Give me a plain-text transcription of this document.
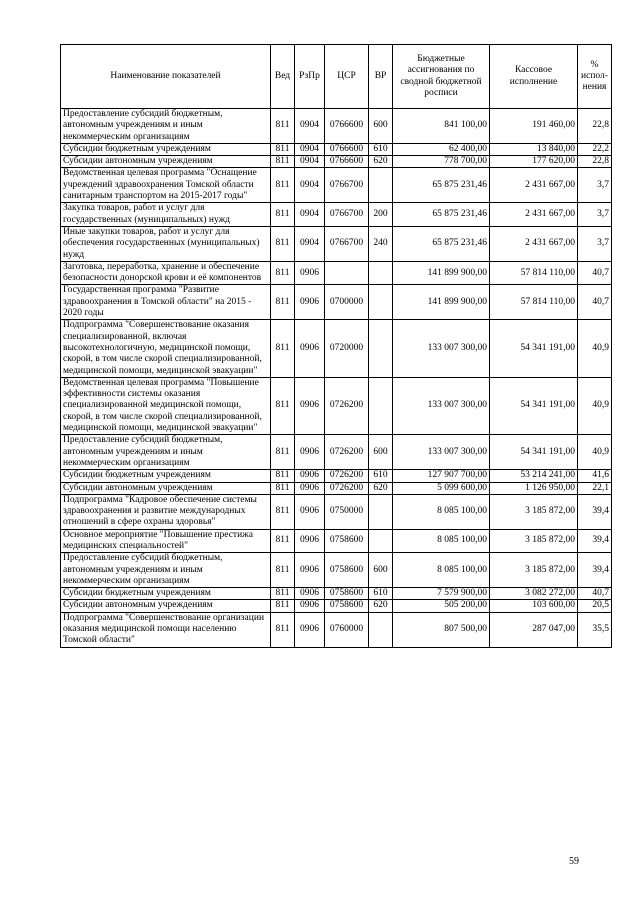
Наименование показателей	Вед	РзПр	ЦСР	ВР	Бюджетные ассигнования по сводной бюджетной росписи	Кассовое исполнение	% испол-нения
Предоставление субсидий бюджетным, автономным учреждениям и иным некоммерческим организациям	811	0904	0766600	600	841 100,00	191 460,00	22,8
Субсидии бюджетным учреждениям	811	0904	0766600	610	62 400,00	13 840,00	22,2
Субсидии автономным учреждениям	811	0904	0766600	620	778 700,00	177 620,00	22,8
Ведомственная целевая программа "Оснащение учреждений здравоохранения Томской области санитарным транспортом на 2015-2017 годы"	811	0904	0766700		65 875 231,46	2 431 667,00	3,7
Закупка товаров, работ и услуг для государственных (муниципальных) нужд	811	0904	0766700	200	65 875 231,46	2 431 667,00	3,7
Иные закупки товаров, работ и услуг для обеспечения государственных (муниципальных) нужд	811	0904	0766700	240	65 875 231,46	2 431 667,00	3,7
Заготовка, переработка, хранение и обеспечение безопасности донорской крови и её компонентов	811	0906			141 899 900,00	57 814 110,00	40,7
Государственная программа "Развитие здравоохранения в Томской области" на 2015 - 2020 годы	811	0906	0700000		141 899 900,00	57 814 110,00	40,7
Подпрограмма "Совершенствование оказания специализированной, включая высокотехнологичную, медицинской помощи, скорой, в том числе скорой специализированной, медицинской помощи, медицинской эвакуации"	811	0906	0720000		133 007 300,00	54 341 191,00	40,9
Ведомственная целевая программа "Повышение эффективности системы оказания специализированной медицинской помощи, скорой, в том числе скорой специализированной, медицинской помощи, медицинской эвакуации"	811	0906	0726200		133 007 300,00	54 341 191,00	40,9
Предоставление субсидий бюджетным, автономным учреждениям и иным некоммерческим организациям	811	0906	0726200	600	133 007 300,00	54 341 191,00	40,9
Субсидии бюджетным учреждениям	811	0906	0726200	610	127 907 700,00	53 214 241,00	41,6
Субсидии автономным учреждениям	811	0906	0726200	620	5 099 600,00	1 126 950,00	22,1
Подпрограмма "Кадровое обеспечение системы здравоохранения и развитие международных отношений в сфере охраны здоровья"	811	0906	0750000		8 085 100,00	3 185 872,00	39,4
Основное мероприятие "Повышение престижа медицинских специальностей"	811	0906	0758600		8 085 100,00	3 185 872,00	39,4
Предоставление субсидий бюджетным, автономным учреждениям и иным некоммерческим организациям	811	0906	0758600	600	8 085 100,00	3 185 872,00	39,4
Субсидии бюджетным учреждениям	811	0906	0758600	610	7 579 900,00	3 082 272,00	40,7
Субсидии автономным учреждениям	811	0906	0758600	620	505 200,00	103 600,00	20,5
Подпрограмма "Совершенствование организации оказания медицинской помощи населению Томской области"	811	0906	0760000		807 500,00	287 047,00	35,5
59
